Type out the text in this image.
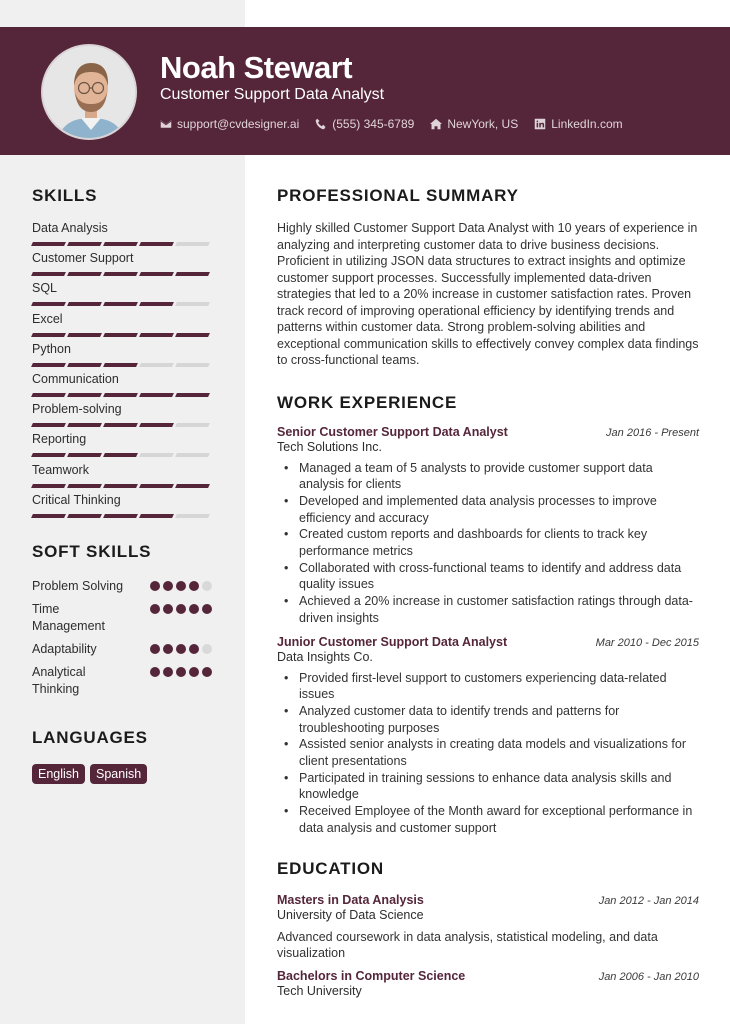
Noah Stewart
Customer Support Data Analyst
support@cvdesigner.ai	(555) 345-6789	NewYork, US	LinkedIn.com
SKILLS
Data Analysis
Customer Support
SQL
Excel
Python
Communication
Problem-solving
Reporting
Teamwork
Critical Thinking
SOFT SKILLS
Problem Solving
Time Management
Adaptability
Analytical Thinking
LANGUAGES
English	Spanish
PROFESSIONAL SUMMARY

Highly skilled Customer Support Data Analyst with 10 years of experience in analyzing and interpreting customer data to drive business decisions. Proficient in utilizing JSON data structures to extract insights and optimize customer support processes. Successfully implemented data-driven strategies that led to a 20% increase in customer satisfaction rates. Proven track record of improving operational efficiency by identifying trends and patterns within customer data. Strong problem-solving abilities and exceptional communication skills to effectively convey complex data findings to cross-functional teams.

WORK EXPERIENCE
Senior Customer Support Data Analyst	Jan 2016 - Present
Tech Solutions Inc.
• Managed a team of 5 analysts to provide customer support data analysis for clients
• Developed and implemented data analysis processes to improve efficiency and accuracy
• Created custom reports and dashboards for clients to track key performance metrics
• Collaborated with cross-functional teams to identify and address data quality issues
• Achieved a 20% increase in customer satisfaction ratings through data-driven insights
Junior Customer Support Data Analyst	Mar 2010 - Dec 2015
Data Insights Co.
• Provided first-level support to customers experiencing data-related issues
• Analyzed customer data to identify trends and patterns for troubleshooting purposes
• Assisted senior analysts in creating data models and visualizations for client presentations
• Participated in training sessions to enhance data analysis skills and knowledge
• Received Employee of the Month award for exceptional performance in data analysis and customer support
EDUCATION
Masters in Data Analysis	Jan 2012 - Jan 2014
University of Data Science

Advanced coursework in data analysis, statistical modeling, and data visualization

Bachelors in Computer Science	Jan 2006 - Jan 2010
Tech University
